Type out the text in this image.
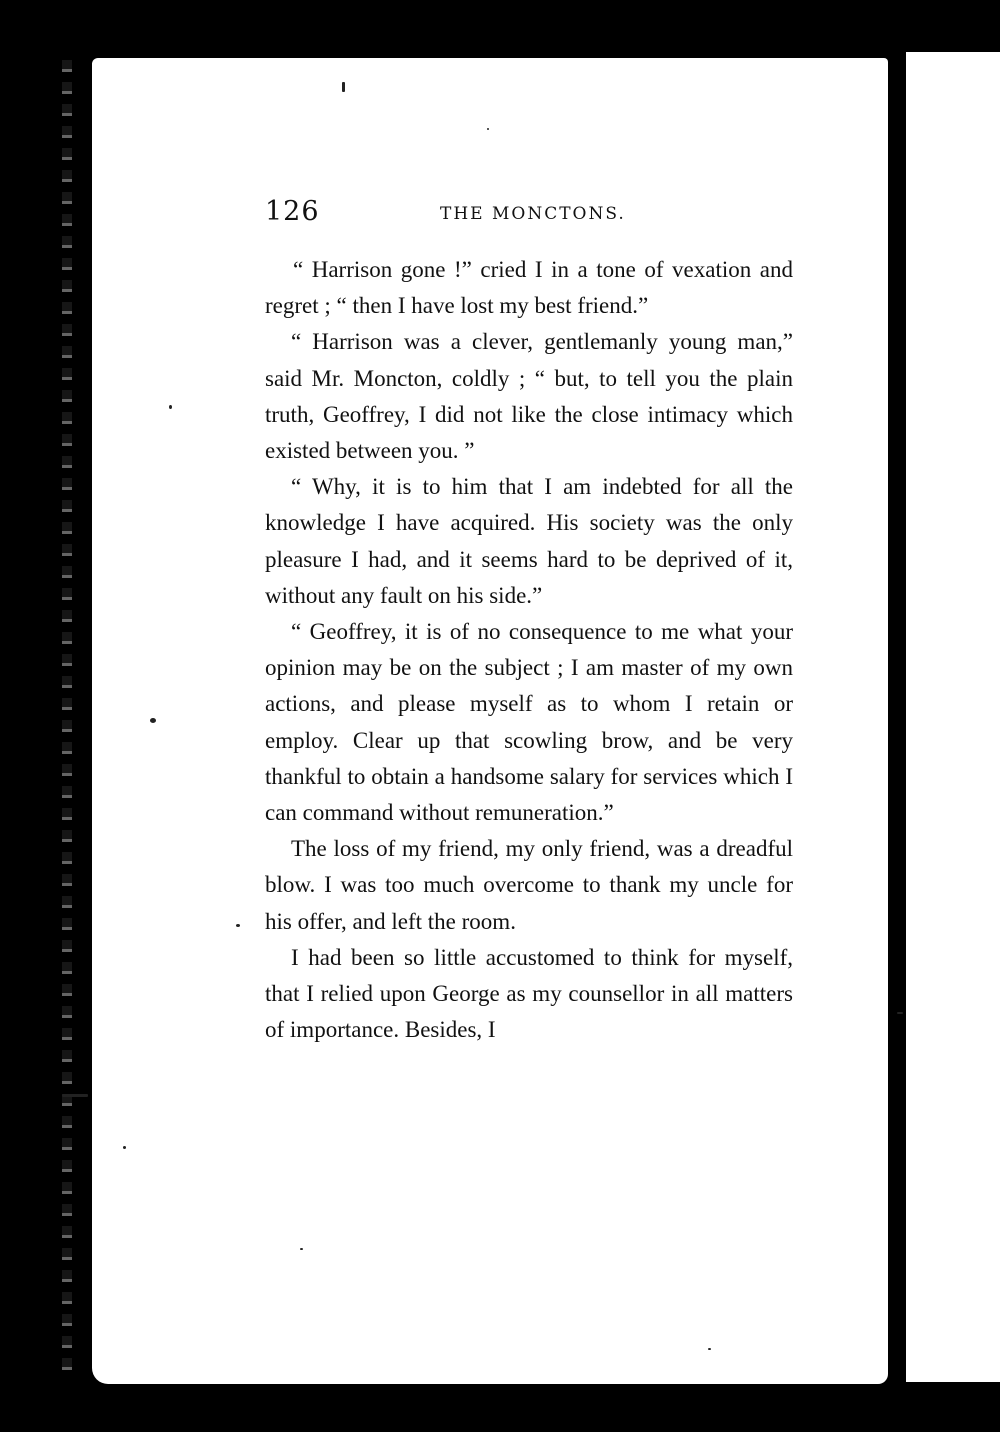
126	THE MONCTONS.

“ Harrison gone !” cried I in a tone of vexation and regret ; “ then I have lost my best friend.”

“ Harrison was a clever, gentlemanly young man,” said Mr. Moncton, coldly ; “ but, to tell you the plain truth, Geoffrey, I did not like the close intimacy which existed between you. ”

“ Why, it is to him that I am indebted for all the knowledge I have acquired. His society was the only pleasure I had, and it seems hard to be deprived of it, without any fault on his side.”

“ Geoffrey, it is of no consequence to me what your opinion may be on the subject ; I am master of my own actions, and please myself as to whom I retain or employ. Clear up that scowling brow, and be very thankful to obtain a handsome salary for services which I can command without remuneration.”

The loss of my friend, my only friend, was a dreadful blow. I was too much overcome to thank my uncle for his offer, and left the room.

I had been so little accustomed to think for myself, that I relied upon George as my counsellor in all matters of importance. Besides, I
